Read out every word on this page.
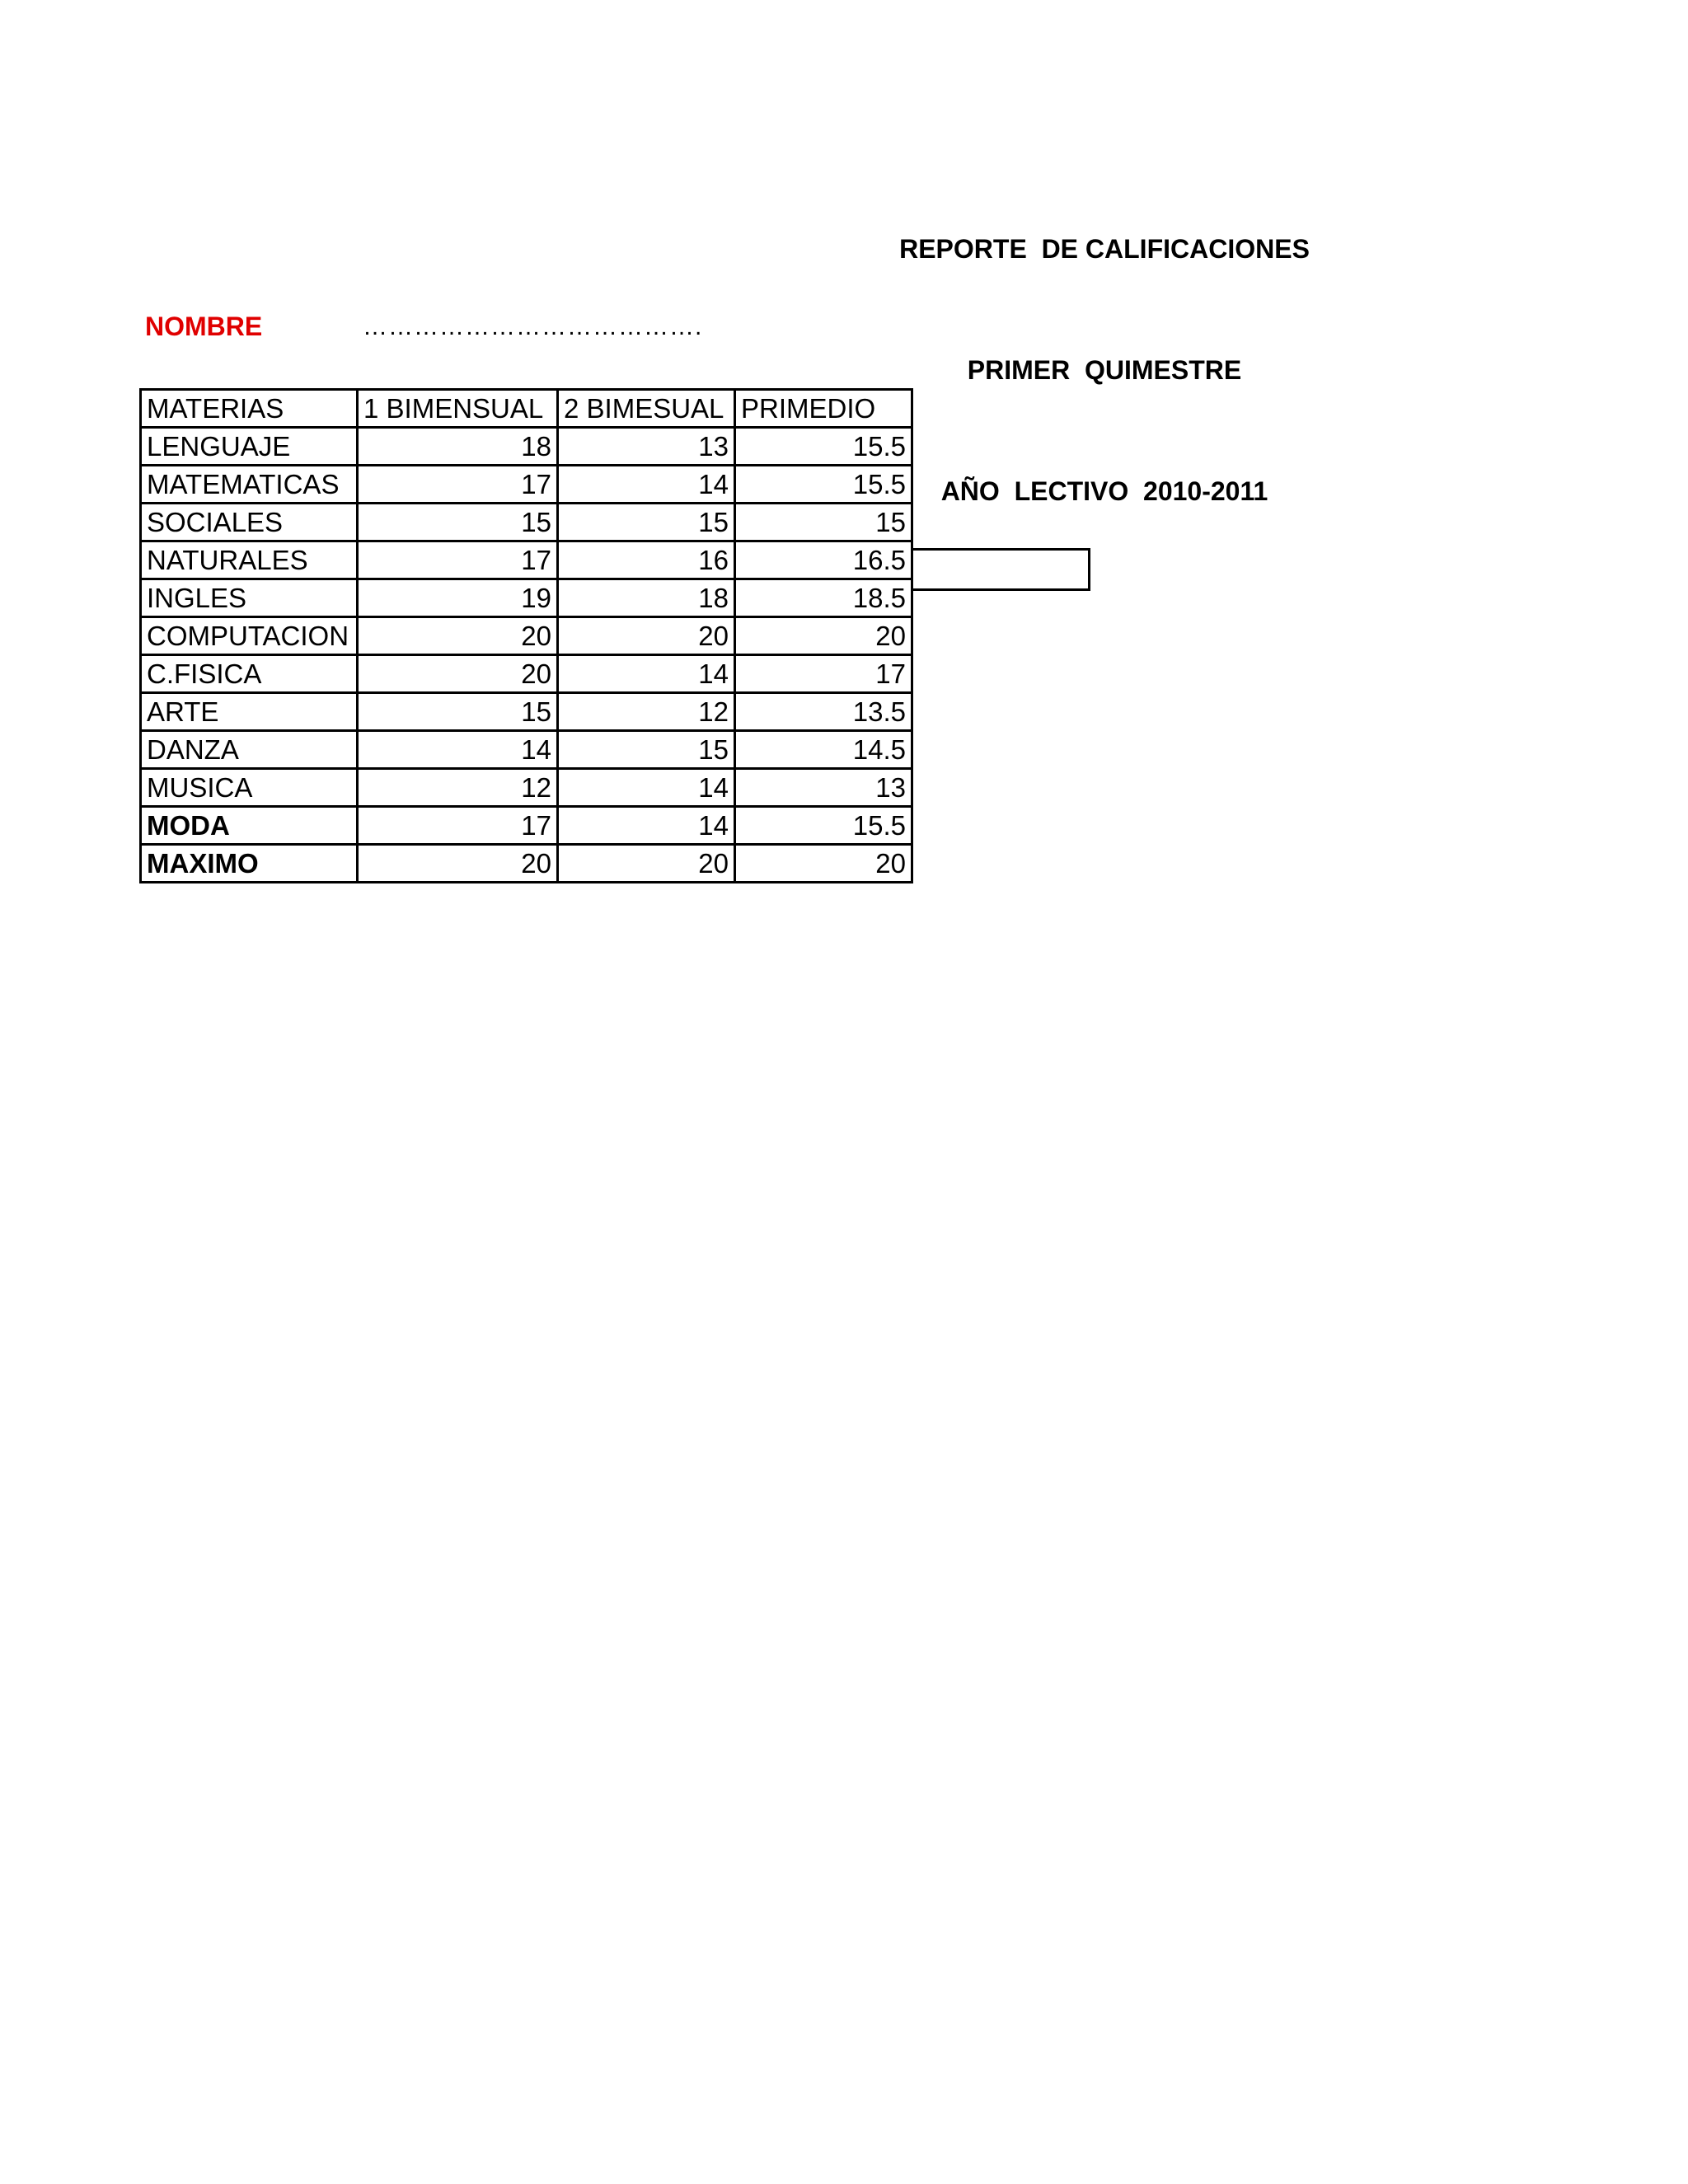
REPORTE  DE CALIFICACIONES

PRIMER  QUIMESTRE

AÑO  LECTIVO  2010-2011

NOMBRE	………………………………….
MATERIAS	1 BIMENSUAL	2 BIMESUAL	PRIMEDIO
LENGUAJE	18	13	15.5
MATEMATICAS	17	14	15.5
SOCIALES	15	15	15
NATURALES	17	16	16.5
INGLES	19	18	18.5
COMPUTACION	20	20	20
C.FISICA	20	14	17
ARTE	15	12	13.5
DANZA	14	15	14.5
MUSICA	12	14	13
MODA	17	14	15.5
MAXIMO	20	20	20
